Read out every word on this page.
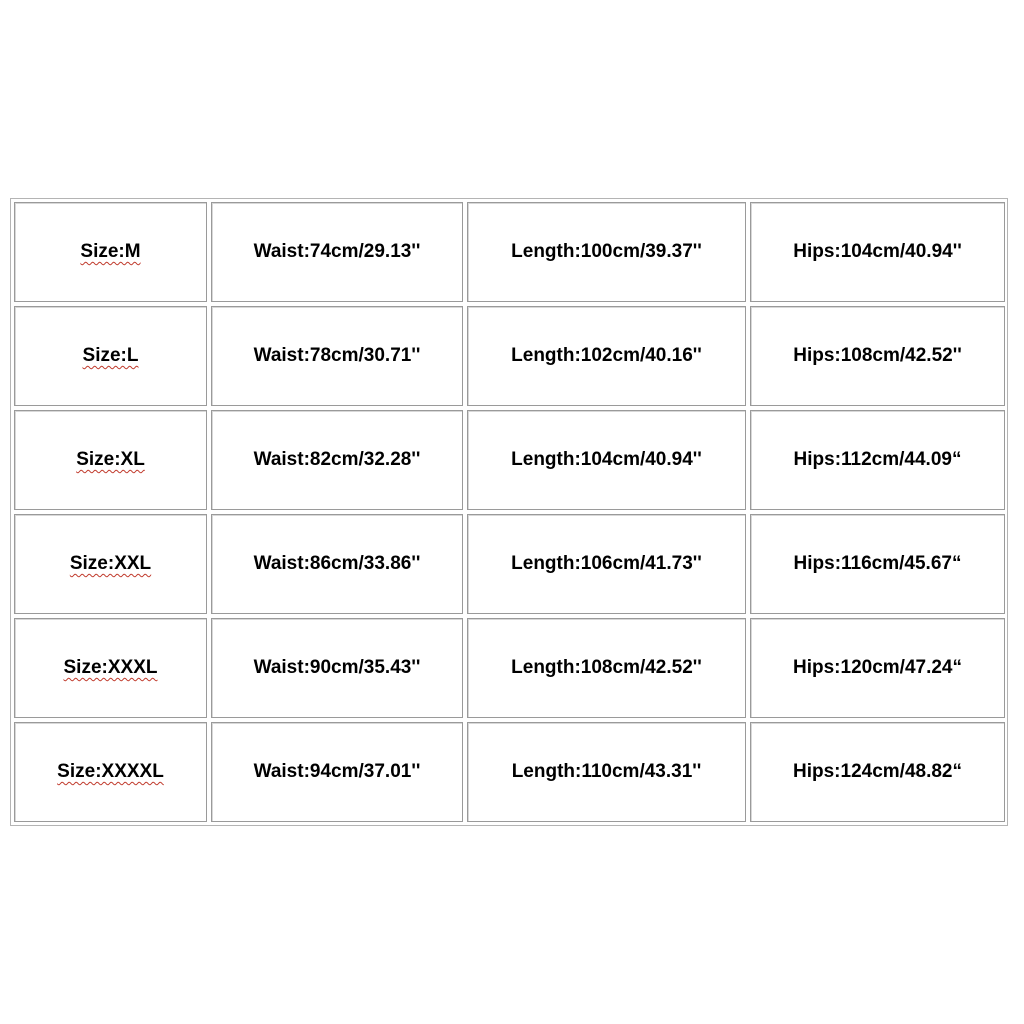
Size:M	Waist:74cm/29.13''	Length:100cm/39.37''	Hips:104cm/40.94''
Size:L	Waist:78cm/30.71''	Length:102cm/40.16''	Hips:108cm/42.52''
Size:XL	Waist:82cm/32.28''	Length:104cm/40.94''	Hips:112cm/44.09“
Size:XXL	Waist:86cm/33.86''	Length:106cm/41.73''	Hips:116cm/45.67“
Size:XXXL	Waist:90cm/35.43''	Length:108cm/42.52''	Hips:120cm/47.24“
Size:XXXXL	Waist:94cm/37.01''	Length:110cm/43.31''	Hips:124cm/48.82“
